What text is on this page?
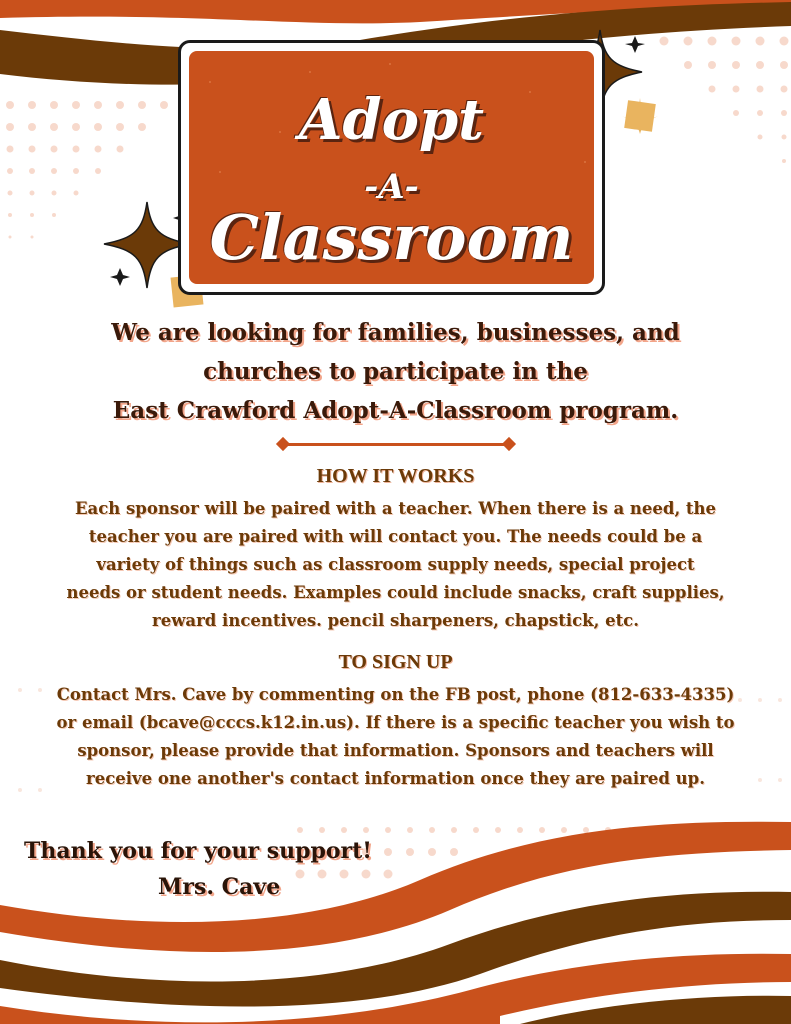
Adopt
-A-
Classroom
We are looking for families, businesses, and
churches to participate in the
East Crawford Adopt-A-Classroom program.
HOW IT WORKS
Each sponsor will be paired with a teacher. When there is a need, the
teacher you are paired with will contact you. The needs could be a
variety of things such as classroom supply needs, special project
needs or student needs. Examples could include snacks, craft supplies,
reward incentives. pencil sharpeners, chapstick, etc.
TO SIGN UP
Contact Mrs. Cave by commenting on the FB post, phone (812-633-4335)
or email (bcave@cccs.k12.in.us). If there is a specific teacher you wish to
sponsor, please provide that information. Sponsors and teachers will
receive one another's contact information once they are paired up.
Thank you for your support!
Mrs. Cave
